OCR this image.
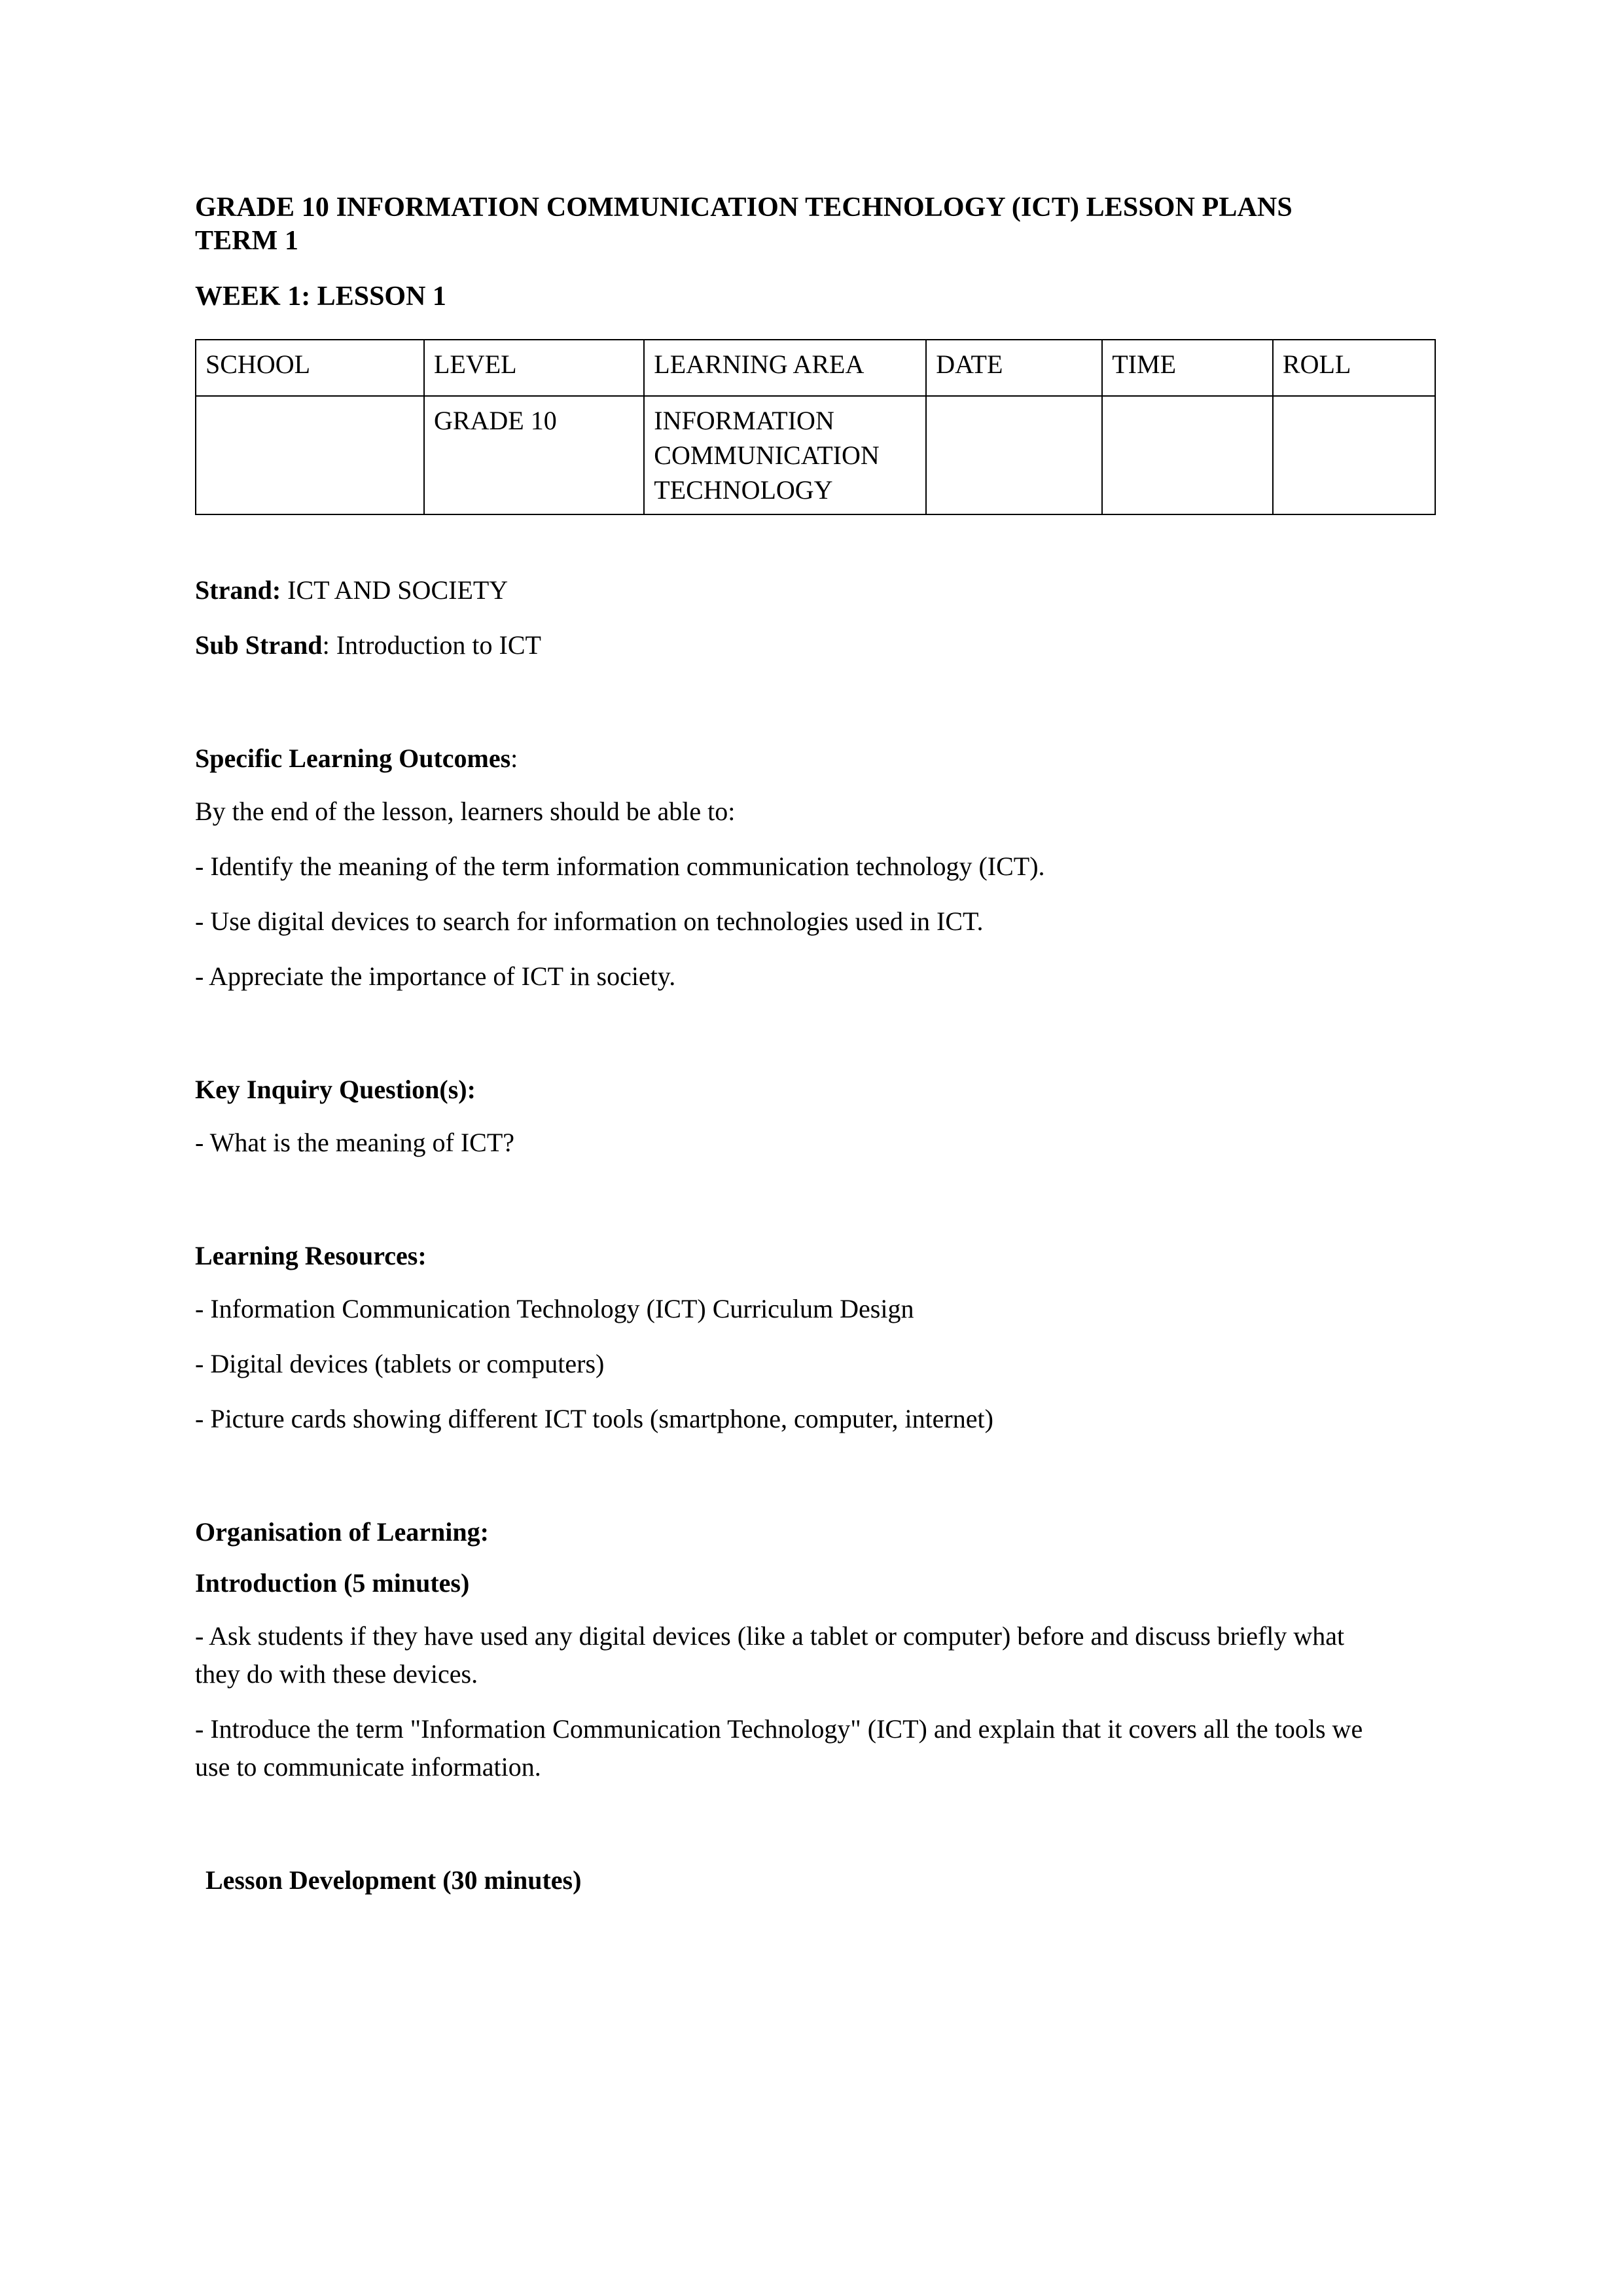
GRADE 10 INFORMATION COMMUNICATION TECHNOLOGY (ICT) LESSON PLANS TERM 1
WEEK 1: LESSON 1
SCHOOL	LEVEL	LEARNING AREA	DATE	TIME	ROLL
	GRADE 10	INFORMATION COMMUNICATION TECHNOLOGY			

Strand: ICT AND SOCIETY

Sub Strand: Introduction to ICT

Specific Learning Outcomes:

By the end of the lesson, learners should be able to:

- Identify the meaning of the term information communication technology (ICT).

- Use digital devices to search for information on technologies used in ICT.

- Appreciate the importance of ICT in society.

Key Inquiry Question(s):

- What is the meaning of ICT?

Learning Resources:

- Information Communication Technology (ICT) Curriculum Design

- Digital devices (tablets or computers)

- Picture cards showing different ICT tools (smartphone, computer, internet)

Organisation of Learning:

Introduction (5 minutes)

- Ask students if they have used any digital devices (like a tablet or computer) before and discuss briefly what they do with these devices.

- Introduce the term "Information Communication Technology" (ICT) and explain that it covers all the tools we use to communicate information.

Lesson Development (30 minutes)
